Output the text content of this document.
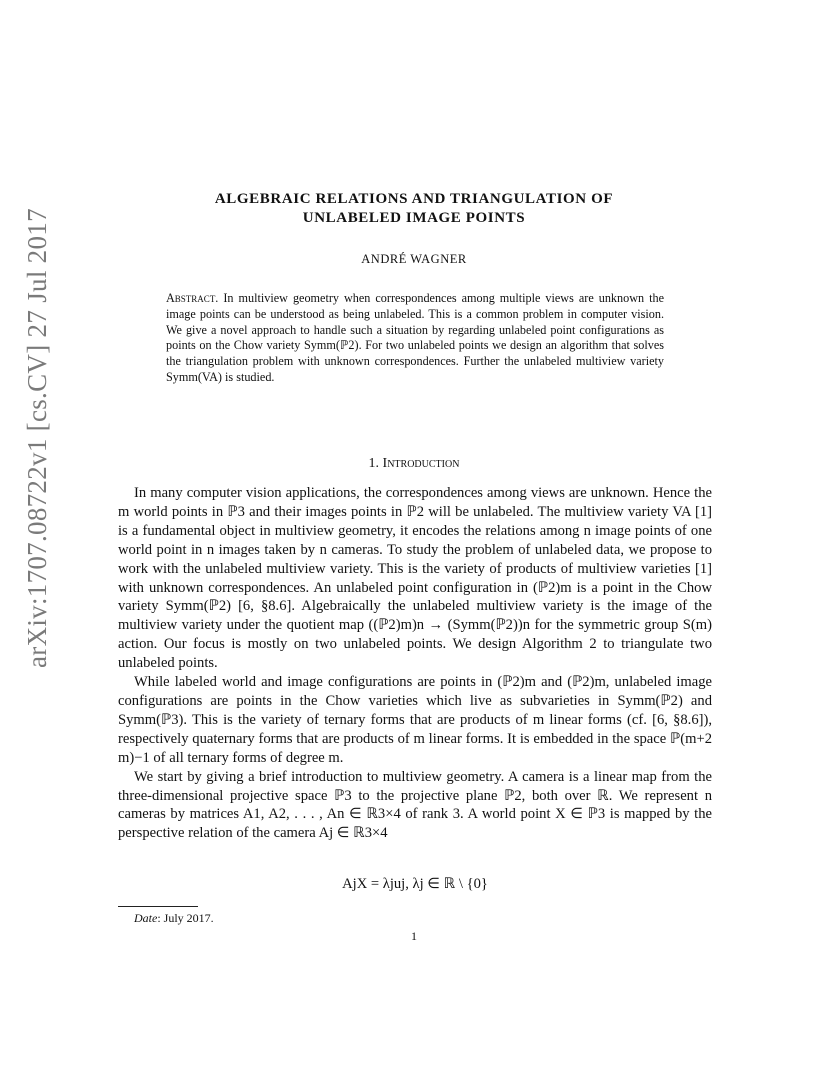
arXiv:1707.08722v1 [cs.CV] 27 Jul 2017
ALGEBRAIC RELATIONS AND TRIANGULATION OF
UNLABELED IMAGE POINTS
ANDRÉ WAGNER
Abstract. In multiview geometry when correspondences among multiple views are unknown the image points can be understood as being unlabeled. This is a common problem in computer vision. We give a novel approach to handle such a situation by regarding unlabeled point configurations as points on the Chow variety Symm(ℙ2). For two unlabeled points we design an algorithm that solves the triangulation problem with unknown correspondences. Further the unlabeled multiview variety Symm(VA) is studied.
1. Introduction

In many computer vision applications, the correspondences among views are unknown. Hence the m world points in ℙ3 and their images points in ℙ2 will be unlabeled. The multiview variety VA [1] is a fundamental object in multiview geometry, it encodes the relations among n image points of one world point in n images taken by n cameras. To study the problem of unlabeled data, we propose to work with the unlabeled multiview variety. This is the variety of products of multiview varieties [1] with unknown correspondences. An unlabeled point configuration in (ℙ2)m is a point in the Chow variety Symm(ℙ2) [6, §8.6]. Algebraically the unlabeled multiview variety is the image of the multiview variety under the quotient map ((ℙ2)m)n → (Symm(ℙ2))n for the symmetric group S(m) action. Our focus is mostly on two unlabeled points. We design Algorithm 2 to triangulate two unlabeled points.

While labeled world and image configurations are points in (ℙ2)m and (ℙ2)m, unlabeled image configurations are points in the Chow varieties which live as subvarieties in Symm(ℙ2) and Symm(ℙ3). This is the variety of ternary forms that are products of m linear forms (cf. [6, §8.6]), respectively quaternary forms that are products of m linear forms. It is embedded in the space ℙ(m+2 m)−1 of all ternary forms of degree m.

We start by giving a brief introduction to multiview geometry. A camera is a linear map from the three-dimensional projective space ℙ3 to the projective plane ℙ2, both over ℝ. We represent n cameras by matrices A1, A2, . . . , An ∈ ℝ3×4 of rank 3. A world point X ∈ ℙ3 is mapped by the perspective relation of the camera Aj ∈ ℝ3×4

AjX = λjuj, λj ∈ ℝ \ {0}
Date: July 2017.
1
